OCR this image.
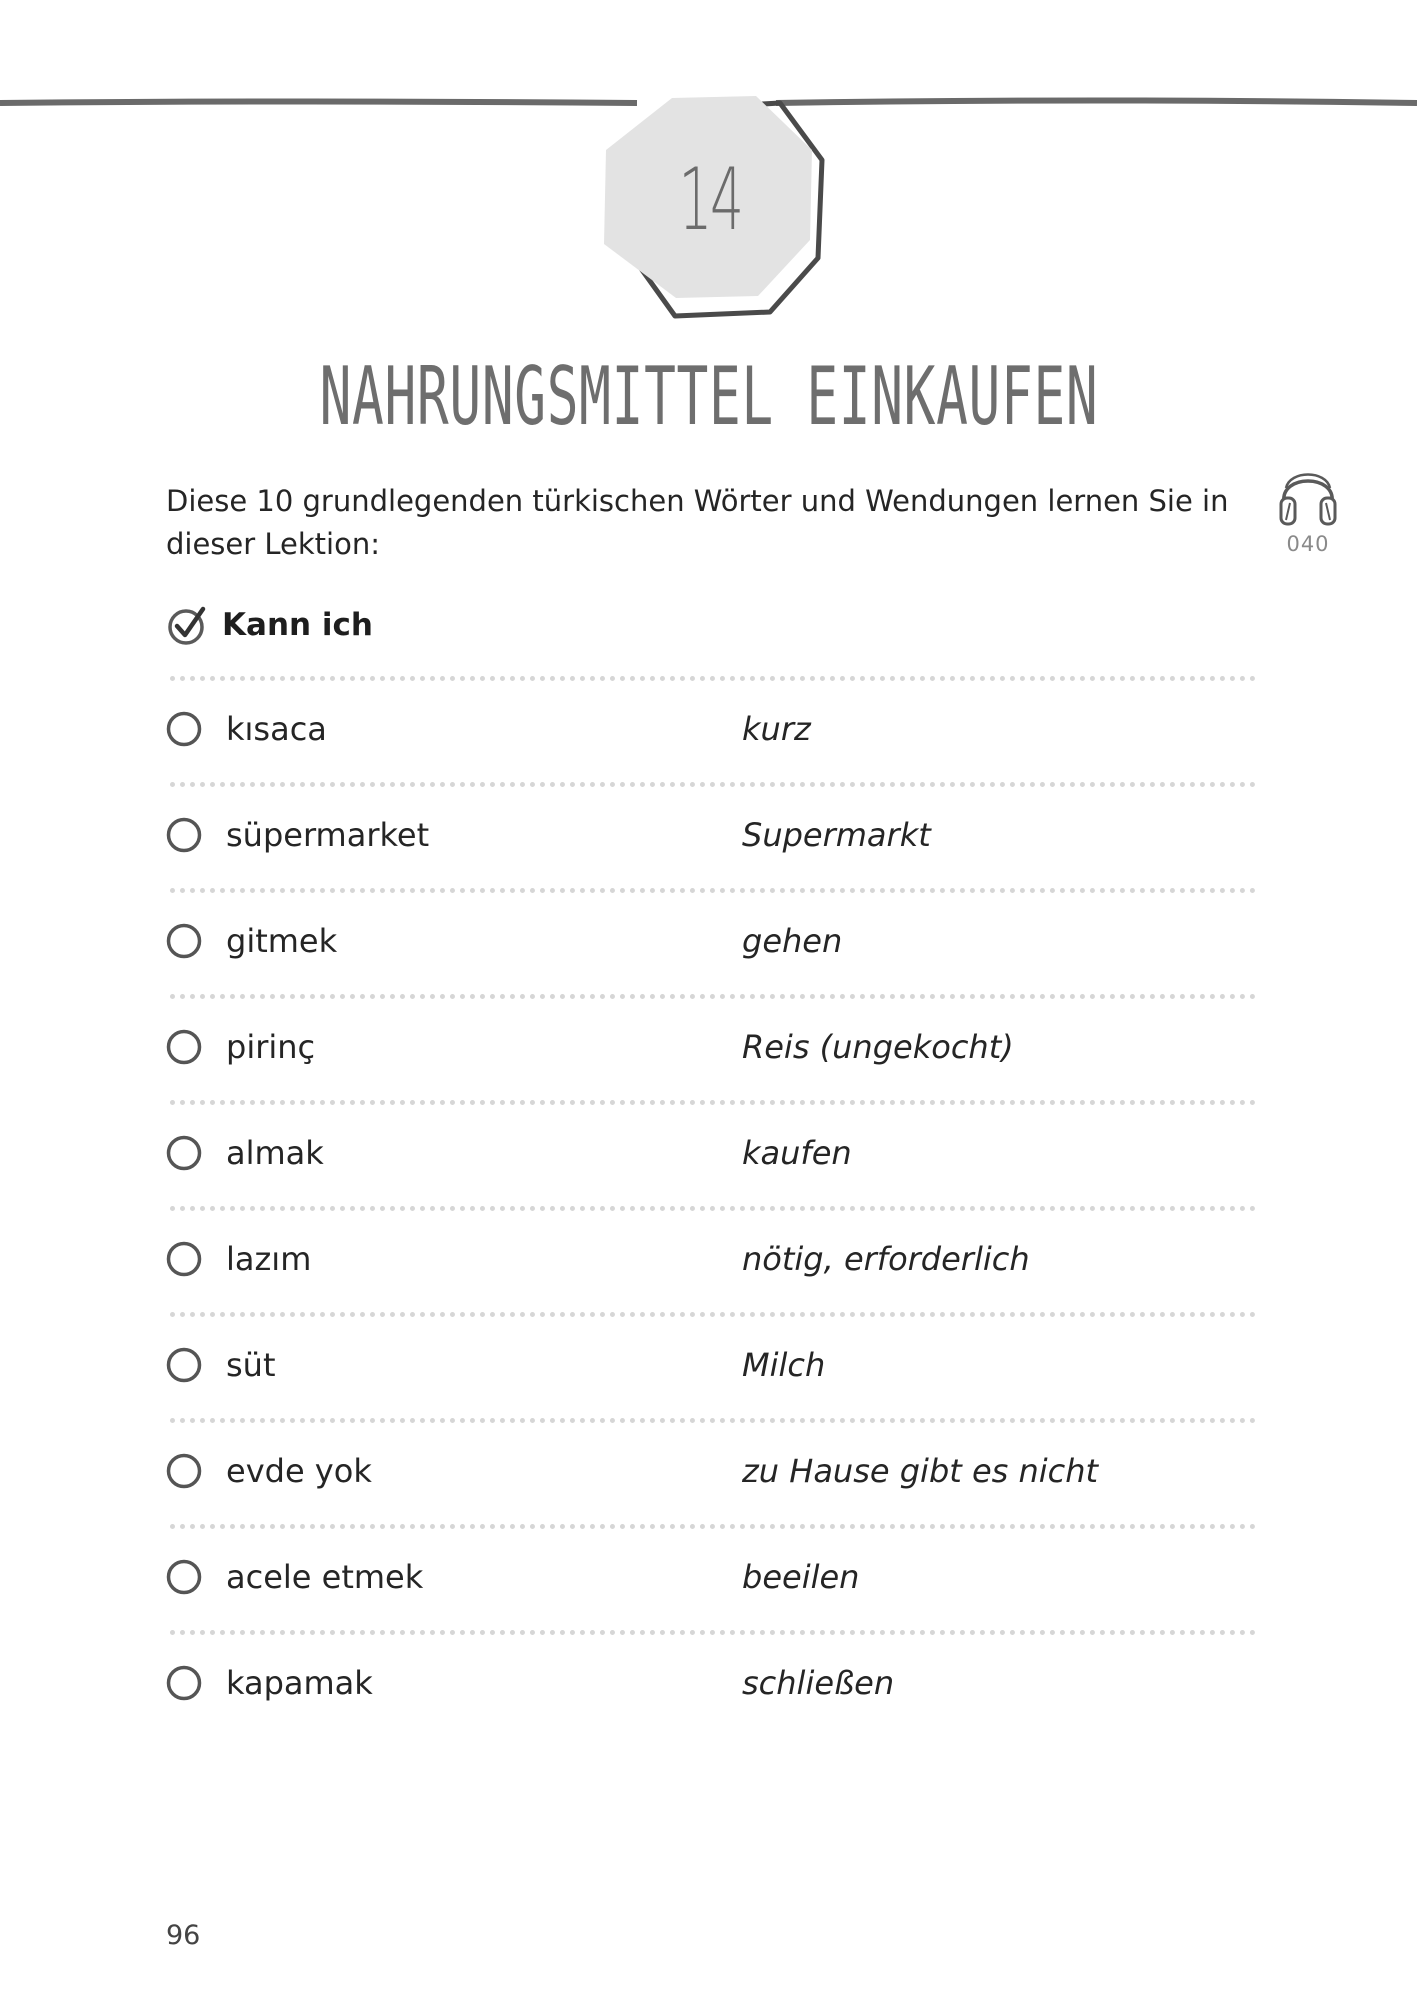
14
NAHRUNGSMITTEL EINKAUFEN
Diese 10 grundlegenden türkischen Wörter und Wendungen lernen Sie in dieser Lektion:	040
Kann ich
kısaca	kurz
süpermarket	Supermarkt
gitmek	gehen
pirinç	Reis (ungekocht)
almak	kaufen
lazım	nötig, erforderlich
süt	Milch
evde yok	zu Hause gibt es nicht
acele etmek	beeilen
kapamak	schließen
96
